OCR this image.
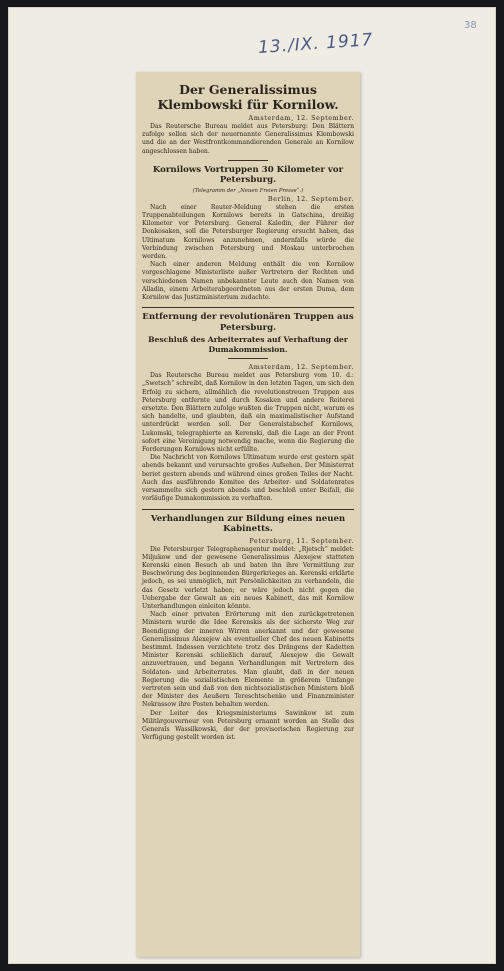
13./IX. 1917
38
Der Generalissimus Klembowski für Kornilow.
Amsterdam, 12. September.

Das Reutersche Bureau meldet aus Petersburg: Den Blättern zufolge sollen sich der neuernannte Generalissimus Klembowski und die an der Westfrontkommandierenden Generale an Kornilow angeschlossen haben.

Kornilows Vortruppen 30 Kilometer vor Petersburg.
(Telegramm der „Neuen Freien Presse“.)
Berlin, 12. September.

Nach einer Reuter-Meldung stehen die ersten Truppenabteilungen Kornilows bereits in Gatschina, dreißig Kilometer vor Petersburg. General Kaledin, der Führer der Donkosaken, soll die Petersburger Regierung ersucht haben, das Ultimatum Kornilows anzunehmen, andernfalls würde die Verbindung zwischen Petersburg und Moskau unterbrochen werden.

Nach einer anderen Meldung enthält die von Kornilow vorgeschlagene Ministerliste außer Vertretern der Rechten und verschiedenen Namen unbekannter Leute auch den Namen von Alladin, einem Arbeiterabgeordneten aus der ersten Duma, dem Kornilow das Justizministerium zudachte.

Entfernung der revolutionären Truppen aus Petersburg.
Beschluß des Arbeiterrates auf Verhaftung der Dumakommission.
Amsterdam, 12. September.

Das Reutersche Bureau meldet aus Petersburg vom 10. d.: „Swetsch“ schreibt, daß Kornilow in den letzten Tagen, um sich den Erfolg zu sichern, allmählich die revolutionstreuen Truppen aus Petersburg entfernte und durch Kosaken und andere Reiterei ersetzte. Den Blättern zufolge wußten die Truppen nicht, warum es sich handelte, und glaubten, daß ein maximalistischer Aufstand unterdrückt werden soll. Der Generalstabschef Kornilows, Lukomski, telegraphierte an Kerenski, daß die Lage an der Front sofort eine Vereinigung notwendig mache, wenn die Regierung die Forderungen Kornilows nicht erfüllte.

Die Nachricht von Kornilows Ultimatum wurde erst gestern spät abends bekannt und verursachte großes Aufsehen. Der Ministerrat beriet gestern abends und während eines großen Teiles der Nacht. Auch das ausführende Komitee des Arbeiter- und Soldatenrates versammelte sich gestern abends und beschloß unter Beifall, die vorläufige Dumakommission zu verhaften.

Verhandlungen zur Bildung eines neuen Kabinetts.
Petersburg, 11. September.

Die Petersburger Telegraphenagentur meldet: „Rjetsch“ meldet: Miljukow und der gewesene Generalissimus Alexejew statteten Kerenski einen Besuch ab und baten ihn ihre Vermittlung zur Beschwörung des beginnenden Bürgerkrieges an. Kerenski erklärte jedoch, es sei unmöglich, mit Persönlichkeiten zu verhandeln, die das Gesetz verletzt haben; er wäre jedoch nicht gegen die Uebergabe der Gewalt an ein neues Kabinett, das mit Kornilow Unterhandlungen einleiten könnte.

Nach einer privaten Erörterung mit den zurückgetretenen Ministern wurde die Idee Kerenskis als der sicherste Weg zur Beendigung der inneren Wirren anerkannt und der gewesene Generalissimus Alexejew als eventueller Chef des neuen Kabinetts bestimmt. Indessen verzichtete trotz des Drängens der Kadetten Minister Kerenski schließlich darauf, Alexejew die Gewalt anzuvertrauen, und begann Verhandlungen mit Vertretern des Soldaten- und Arbeiterrates. Man glaubt, daß in der neuen Regierung die sozialistischen Elemente in größerem Umfange vertreten sein und daß von den nichtsozialistischen Ministern bloß der Minister des Aeußern Tereschtschenko und Finanzminister Nekrassow ihre Posten behalten werden.

Der Leiter des Kriegsministeriums Sawinkow ist zum Militärgouverneur von Petersburg ernannt worden an Stelle des Generals Wassilkowski, der der provisorischen Regierung zur Verfügung gestellt worden ist.
